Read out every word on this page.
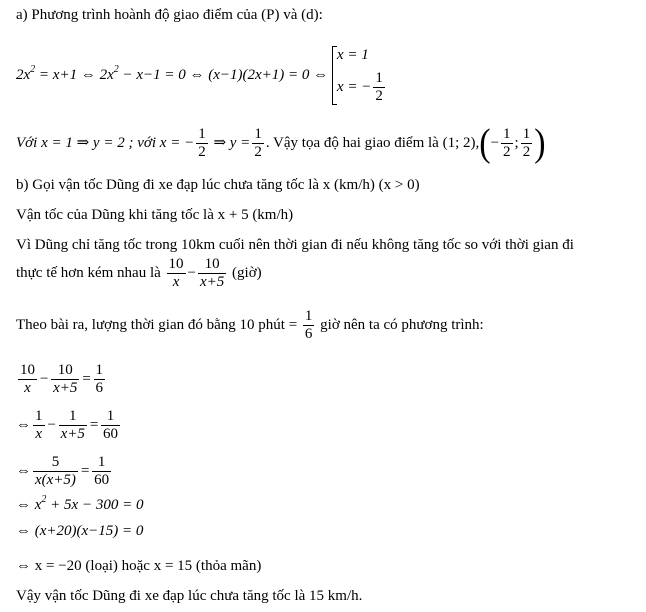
a) Phương trình hoành độ giao điểm của (P) và (d):
$2x^2 = x+1$ ⇔ $2x^2 - x-1 = 0$ ⇔ (x−1)(2x+1) = 0 ⇔
x = 1
x = − $\frac{1}{2}$
Với x = 1 ⇒ y = 2 ; với x = − $\frac{1}{2}$ ⇒ $y = \frac{1}{2}$ . Vậy tọa độ hai giao điểm là (1; $2),(- \frac{1}{2}$ ; $\frac{1}{2}$ )
b) Gọi vận tốc Dũng đi xe đạp lúc chưa tăng tốc là x (km/h) (x > 0)
Vận tốc của Dũng khi tăng tốc là x + 5 (km/h)
Vì Dũng chỉ tăng tốc trong 10km cuối nên thời gian đi nếu không tăng tốc so với thời gian đi
thực tế hơn kém nhau là $\frac{10}{x} - \frac{10}{x+5}$ (giờ)
Theo bài ra, lượng thời gian đó bằng 10 phút = $\frac{1}{6}$ giờ nên ta có phương trình:
$\frac{10}{x} - \frac{10}{x+5} = \frac{1}{6}$
⇔ $\frac{1}{x} - \frac{1}{x+5} = \frac{1}{60}$
⇔ $\frac{5}{x(x+5)} = \frac{1}{60}$
⇔ $x^2 + 5x - 300 = 0$
⇔ (x+20)(x−15) = 0
⇔ x = −20 (loại) hoặc x = 15 (thỏa mãn)
Vậy vận tốc Dũng đi xe đạp lúc chưa tăng tốc là 15 km/h.
